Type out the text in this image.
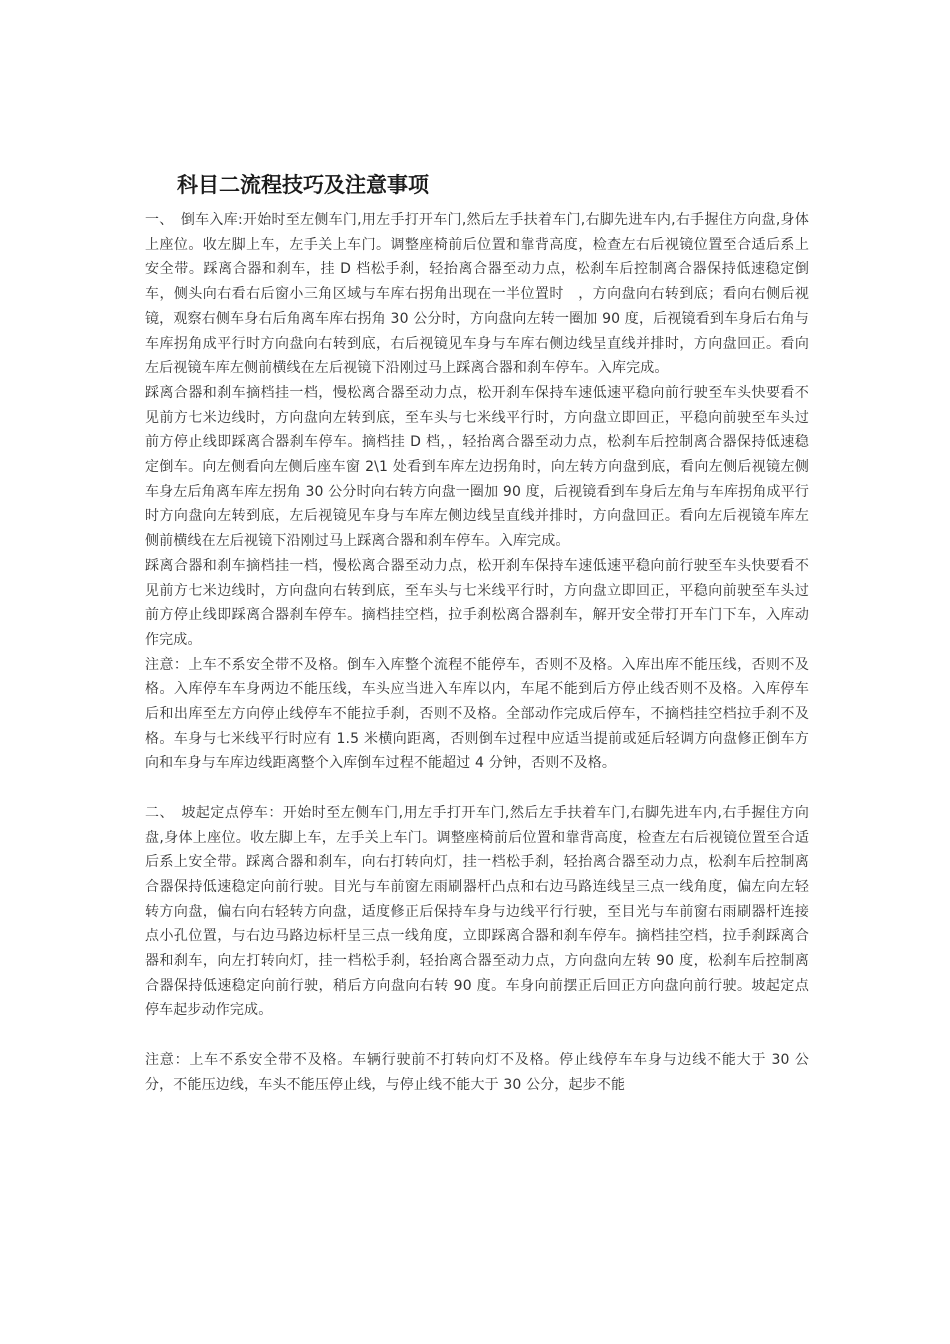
科目二流程技巧及注意事项

一、　倒车入库:开始时至左侧车门,用左手打开车门,然后左手扶着车门,右脚先进车内,右手握住方向盘,身体上座位。收左脚上车，左手关上车门。调整座椅前后位置和靠背高度，检查左右后视镜位置至合适后系上安全带。踩离合器和刹车，挂 D 档松手刹，轻抬离合器至动力点，松刹车后控制离合器保持低速稳定倒车，侧头向右看右后窗小三角区域与车库右拐角出现在一半位置时　，方向盘向右转到底；看向右侧后视镜，观察右侧车身右后角离车库右拐角 30 公分时，方向盘向左转一圈加 90 度，后视镜看到车身后右角与车库拐角成平行时方向盘向右转到底，右后视镜见车身与车库右侧边线呈直线并排时，方向盘回正。看向左后视镜车库左侧前横线在左后视镜下沿刚过马上踩离合器和刹车停车。入库完成。

踩离合器和刹车摘档挂一档，慢松离合器至动力点，松开刹车保持车速低速平稳向前行驶至车头快要看不见前方七米边线时，方向盘向左转到底，至车头与七米线平行时，方向盘立即回正，平稳向前驶至车头过前方停止线即踩离合器刹车停车。摘档挂 D 档，，轻抬离合器至动力点，松刹车后控制离合器保持低速稳定倒车。向左侧看向左侧后座车窗 2\1 处看到车库左边拐角时，向左转方向盘到底，看向左侧后视镜左侧车身左后角离车库左拐角 30 公分时向右转方向盘一圈加 90 度，后视镜看到车身后左角与车库拐角成平行时方向盘向左转到底，左后视镜见车身与车库左侧边线呈直线并排时，方向盘回正。看向左后视镜车库左侧前横线在左后视镜下沿刚过马上踩离合器和刹车停车。入库完成。

踩离合器和刹车摘档挂一档，慢松离合器至动力点，松开刹车保持车速低速平稳向前行驶至车头快要看不见前方七米边线时，方向盘向右转到底，至车头与七米线平行时，方向盘立即回正，平稳向前驶至车头过前方停止线即踩离合器刹车停车。摘档挂空档，拉手刹松离合器刹车，解开安全带打开车门下车，入库动作完成。

注意：上车不系安全带不及格。倒车入库整个流程不能停车，否则不及格。入库出库不能压线，否则不及格。入库停车车身两边不能压线，车头应当进入车库以内，车尾不能到后方停止线否则不及格。入库停车后和出库至左方向停止线停车不能拉手刹，否则不及格。全部动作完成后停车，不摘档挂空档拉手刹不及格。车身与七米线平行时应有 1.5 米横向距离，否则倒车过程中应适当提前或延后轻调方向盘修正倒车方向和车身与车库边线距离整个入库倒车过程不能超过 4 分钟，否则不及格。

二、　坡起定点停车：开始时至左侧车门,用左手打开车门,然后左手扶着车门,右脚先进车内,右手握住方向盘,身体上座位。收左脚上车，左手关上车门。调整座椅前后位置和靠背高度，检查左右后视镜位置至合适后系上安全带。踩离合器和刹车，向右打转向灯，挂一档松手刹，轻抬离合器至动力点，松刹车后控制离合器保持低速稳定向前行驶。目光与车前窗左雨刷器杆凸点和右边马路连线呈三点一线角度，偏左向左轻转方向盘，偏右向右轻转方向盘，适度修正后保持车身与边线平行行驶，至目光与车前窗右雨刷器杆连接点小孔位置，与右边马路边标杆呈三点一线角度，立即踩离合器和刹车停车。摘档挂空档，拉手刹踩离合器和刹车，向左打转向灯，挂一档松手刹，轻抬离合器至动力点，方向盘向左转 90 度，松刹车后控制离合器保持低速稳定向前行驶，稍后方向盘向右转 90 度。车身向前摆正后回正方向盘向前行驶。坡起定点停车起步动作完成。

注意：上车不系安全带不及格。车辆行驶前不打转向灯不及格。停止线停车车身与边线不能大于 30 公分，不能压边线，车头不能压停止线，与停止线不能大于 30 公分，起步不能
